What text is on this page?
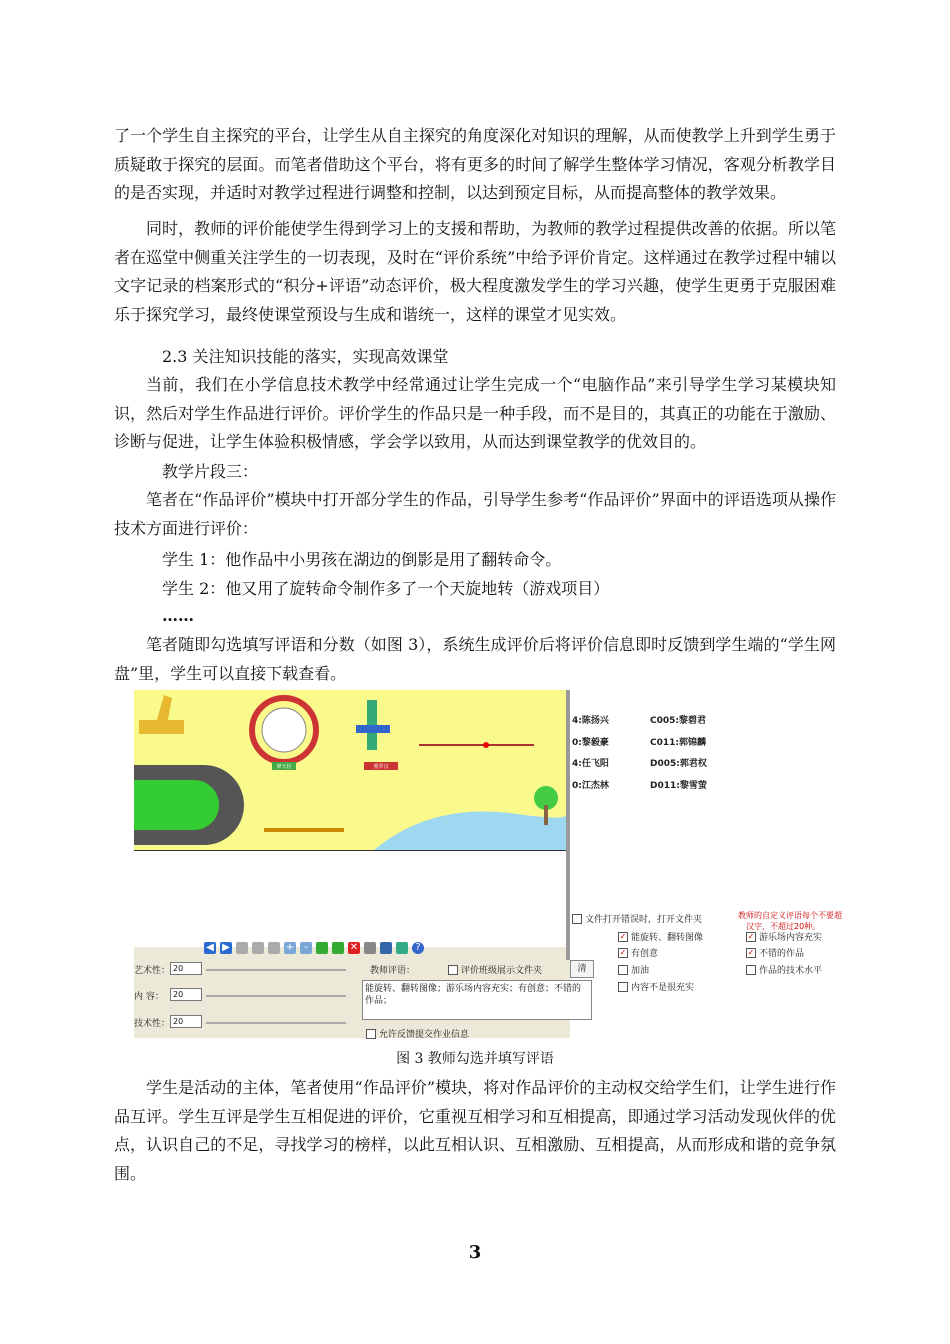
了一个学生自主探究的平台，让学生从自主探究的角度深化对知识的理解，从而使教学上升到学生勇于质疑敢于探究的层面。而笔者借助这个平台，将有更多的时间了解学生整体学习情况，客观分析教学目的是否实现，并适时对教学过程进行调整和控制，以达到预定目标，从而提高整体的教学效果。

同时，教师的评价能使学生得到学习上的支援和帮助，为教师的教学过程提供改善的依据。所以笔者在巡堂中侧重关注学生的一切表现，及时在“评价系统”中给予评价肯定。这样通过在教学过程中辅以文字记录的档案形式的“积分+评语”动态评价，极大程度激发学生的学习兴趣，使学生更勇于克服困难乐于探究学习，最终使课堂预设与生成和谐统一，这样的课堂才见实效。

2.3 关注知识技能的落实，实现高效课堂

当前，我们在小学信息技术教学中经常通过让学生完成一个“电脑作品”来引导学生学习某模块知识，然后对学生作品进行评价。评价学生的作品只是一种手段，而不是目的，其真正的功能在于激励、诊断与促进，让学生体验积极情感，学会学以致用，从而达到课堂教学的优效目的。

教学片段三：

笔者在“作品评价”模块中打开部分学生的作品，引导学生参考“作品评价”界面中的评语选项从操作技术方面进行评价：

学生 1：他作品中小男孩在湖边的倒影是用了翻转命令。
学生 2：他又用了旋转命令制作多了一个天旋地转（游戏项目）
……

笔者随即勾选填写评语和分数（如图 3），系统生成评价后将评价信息即时反馈到学生端的“学生网盘”里，学生可以直接下载查看。

摩天轮	叠罗汉
◀ ▶	+	-	✕	?
4:陈扬兴	C005:黎碧君
0:黎毅豪	C011:郭锦麟
4:任飞阳	D005:郭君权
0:江杰林	D011:黎雪萤
文件打开错误时，打开文件夹	教师的自定义评语每个不要超
汉字，不超过20种。
✓ 能旋转、翻转图像
✓ 有创意
加油
内容不是很充实
✓ 游乐场内容充实
✓ 不错的作品
作品的技术水平
艺术性： 20
内 容：	20
技术性： 20
教师评语：	评价班级展示文件夹	清
能旋转、翻转图像；游乐场内容充实；有创意；不错的作品；
允许反馈提交作业信息
图 3 教师勾选并填写评语

学生是活动的主体，笔者使用“作品评价”模块，将对作品评价的主动权交给学生们，让学生进行作品互评。学生互评是学生互相促进的评价，它重视互相学习和互相提高，即通过学习活动发现伙伴的优点，认识自己的不足，寻找学习的榜样，以此互相认识、互相激励、互相提高，从而形成和谐的竞争氛围。

3
